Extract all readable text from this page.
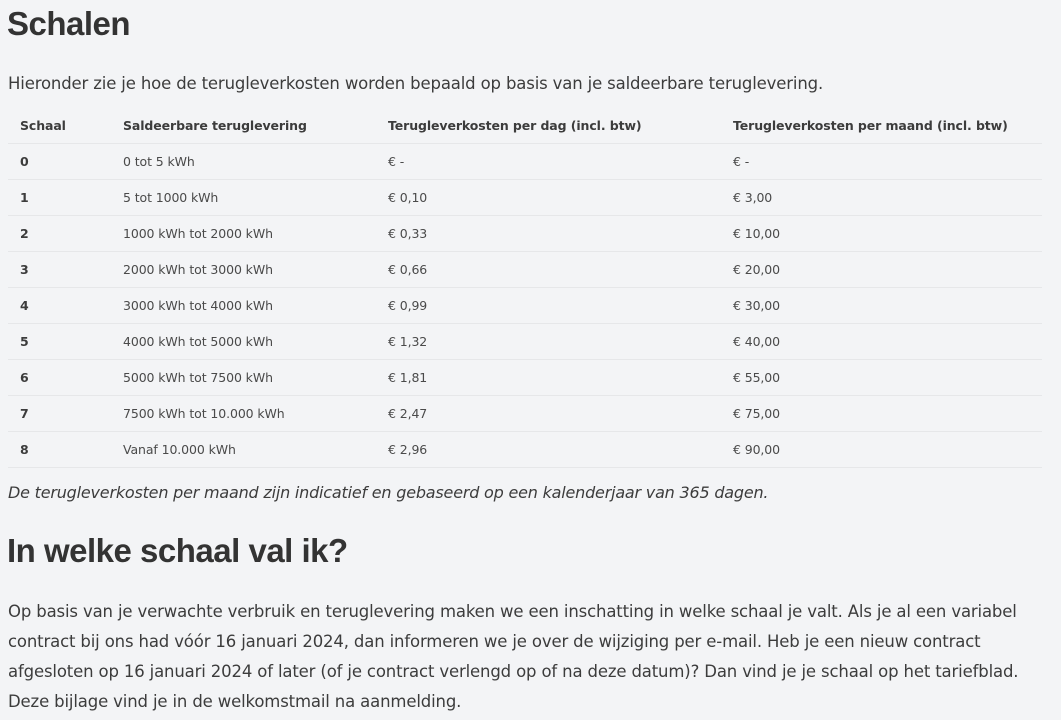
Schalen

Hieronder zie je hoe de terugleverkosten worden bepaald op basis van je saldeerbare teruglevering.

Schaal	Saldeerbare teruglevering	Terugleverkosten per dag (incl. btw)	Terugleverkosten per maand (incl. btw)
0	0 tot 5 kWh	€ -	€ -
1	5 tot 1000 kWh	€ 0,10	€ 3,00
2	1000 kWh tot 2000 kWh	€ 0,33	€ 10,00
3	2000 kWh tot 3000 kWh	€ 0,66	€ 20,00
4	3000 kWh tot 4000 kWh	€ 0,99	€ 30,00
5	4000 kWh tot 5000 kWh	€ 1,32	€ 40,00
6	5000 kWh tot 7500 kWh	€ 1,81	€ 55,00
7	7500 kWh tot 10.000 kWh	€ 2,47	€ 75,00
8	Vanaf 10.000 kWh	€ 2,96	€ 90,00

De terugleverkosten per maand zijn indicatief en gebaseerd op een kalenderjaar van 365 dagen.

In welke schaal val ik?

Op basis van je verwachte verbruik en teruglevering maken we een inschatting in welke schaal je valt. Als je al een variabel contract bij ons had vóór 16 januari 2024, dan informeren we je over de wijziging per e-mail. Heb je een nieuw contract afgesloten op 16 januari 2024 of later (of je contract verlengd op of na deze datum)? Dan vind je je schaal op het tariefblad. Deze bijlage vind je in de welkomstmail na aanmelding.
